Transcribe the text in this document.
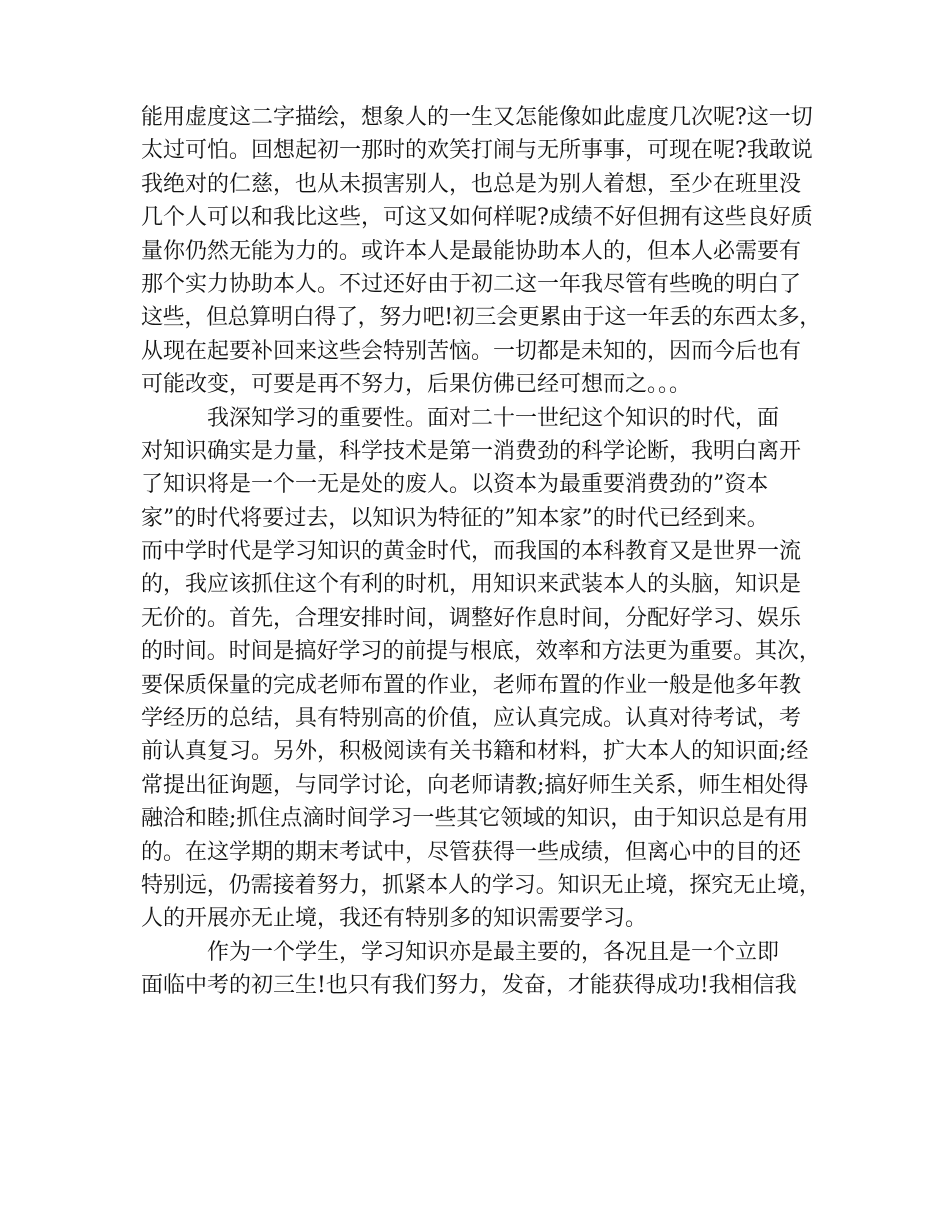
能用虚度这二字描绘，想象人的一生又怎能像如此虚度几次呢?这一切
太过可怕。回想起初一那时的欢笑打闹与无所事事，可现在呢?我敢说
我绝对的仁慈，也从未损害别人，也总是为别人着想，至少在班里没
几个人可以和我比这些，可这又如何样呢?成绩不好但拥有这些良好质
量你仍然无能为力的。或许本人是最能协助本人的，但本人必需要有
那个实力协助本人。不过还好由于初二这一年我尽管有些晚的明白了
这些，但总算明白得了，努力吧!初三会更累由于这一年丢的东西太多，
从现在起要补回来这些会特别苦恼。一切都是未知的，因而今后也有
可能改变，可要是再不努力，后果仿佛已经可想而之。。。
我深知学习的重要性。面对二十一世纪这个知识的时代，面
对知识确实是力量，科学技术是第一消费劲的科学论断，我明白离开
了知识将是一个一无是处的废人。以资本为最重要消费劲的”资本
家”的时代将要过去，以知识为特征的”知本家”的时代已经到来。
而中学时代是学习知识的黄金时代，而我国的本科教育又是世界一流
的，我应该抓住这个有利的时机，用知识来武装本人的头脑，知识是
无价的。首先，合理安排时间，调整好作息时间，分配好学习、娱乐
的时间。时间是搞好学习的前提与根底，效率和方法更为重要。其次，
要保质保量的完成老师布置的作业，老师布置的作业一般是他多年教
学经历的总结，具有特别高的价值，应认真完成。认真对待考试，考
前认真复习。另外，积极阅读有关书籍和材料，扩大本人的知识面;经
常提出征询题，与同学讨论，向老师请教;搞好师生关系，师生相处得
融洽和睦;抓住点滴时间学习一些其它领域的知识，由于知识总是有用
的。在这学期的期末考试中，尽管获得一些成绩，但离心中的目的还
特别远，仍需接着努力，抓紧本人的学习。知识无止境，探究无止境，
人的开展亦无止境，我还有特别多的知识需要学习。
作为一个学生，学习知识亦是最主要的，各况且是一个立即
面临中考的初三生!也只有我们努力，发奋，才能获得成功!我相信我
